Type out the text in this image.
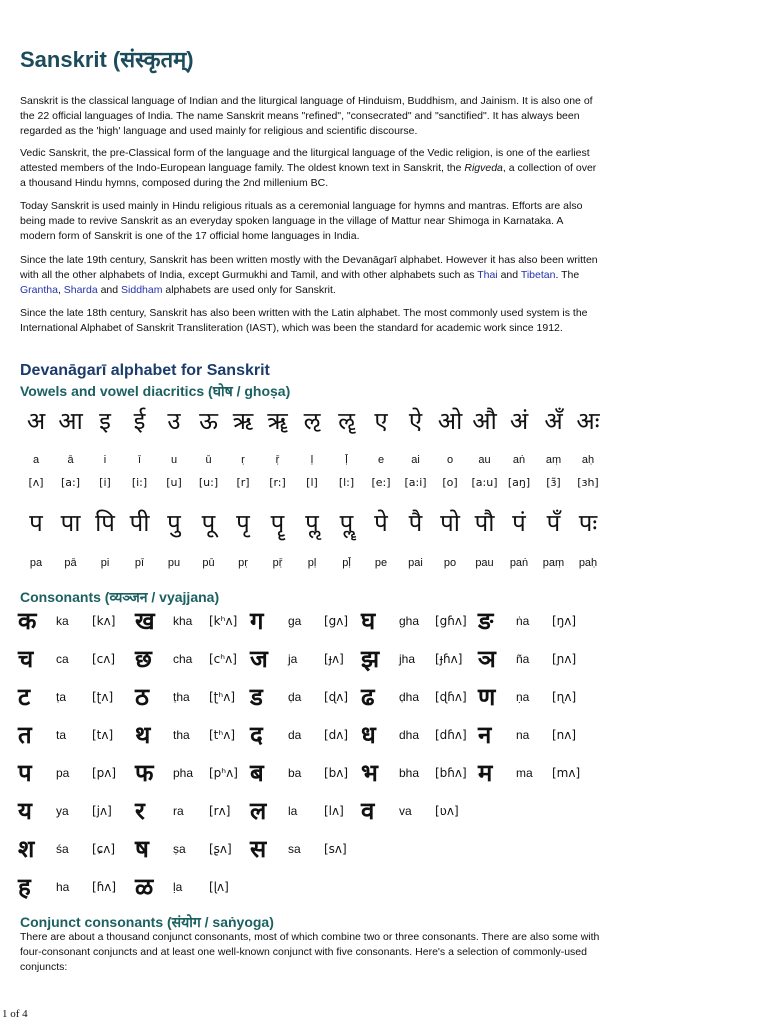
Sanskrit (संस्कृतम्)

Sanskrit is the classical language of Indian and the liturgical language of Hinduism, Buddhism, and Jainism. It is also one of the 22 official languages of India. The name Sanskrit means "refined", "consecrated" and "sanctified". It has always been regarded as the 'high' language and used mainly for religious and scientific discourse.

Vedic Sanskrit, the pre-Classical form of the language and the liturgical language of the Vedic religion, is one of the earliest attested members of the Indo-European language family. The oldest known text in Sanskrit, the Rigveda, a collection of over a thousand Hindu hymns, composed during the 2nd millenium BC.

Today Sanskrit is used mainly in Hindu religious rituals as a ceremonial language for hymns and mantras. Efforts are also being made to revive Sanskrit as an everyday spoken language in the village of Mattur near Shimoga in Karnataka. A modern form of Sanskrit is one of the 17 official home languages in India.

Since the late 19th century, Sanskrit has been written mostly with the Devanāgarī alphabet. However it has also been written with all the other alphabets of India, except Gurmukhi and Tamil, and with other alphabets such as Thai and Tibetan. The Grantha, Sharda and Siddham alphabets are used only for Sanskrit.

Since the late 18th century, Sanskrit has also been written with the Latin alphabet. The most commonly used system is the International Alphabet of Sanskrit Transliteration (IAST), which was been the standard for academic work since 1912.

Devanāgarī alphabet for Sanskrit
Vowels and vowel diacritics (घोष / ghoṣa)
अ आ इ ई उ ऊ ऋ ॠ ऌ ॡ ए ऐ ओ औ अं अँ अः
a	ā	i	ī	u	ū	ṛ	ṝ	ḷ	ḹ	e	ai	o	au	aṅ	aṃ	aḥ
[ʌ]	[a:]	[i]	[i:]	[u]	[u:]	[r]	[r:]	[l]	[l:]	[e:]	[a:i]	[o]	[a:u] [aŋ]	[ɜ̃]	[ɜh]
प पा पि पी पु पू पृ पॄ पॢ पॣ पे पै पो पौ पं पँ पः
pa	pā	pi	pī	pu	pū	pṛ	pṝ	pḷ	pḹ	pe	pai	po	pau	paṅ	paṃ	paḥ
Consonants (व्यञ्जन / vyajjana)
क ka [kʌ] ख kha [kʰʌ] ग ga [gʌ] घ gha [gɦʌ] ङ ṅa [ŋʌ]
च ca [cʌ] छ cha [cʰʌ] ज ja [ɟʌ] झ jha [ɟɦʌ] ञ ña [ɲʌ]
ट ṭa [ʈʌ] ठ ṭha [ʈʰʌ] ड ḍa [ɖʌ] ढ ḍha [ɖɦʌ] ण ṇa [ɳʌ]
त ta [tʌ] थ tha [tʰʌ] द da [dʌ] ध dha [dɦʌ] न na [nʌ]
प pa [pʌ] फ pha [pʰʌ] ब ba [bʌ] भ bha [bɦʌ] म ma [mʌ]
य ya [jʌ] र ra [rʌ] ल la [lʌ] व va [ʋʌ]
श śa [ɕʌ] ष ṣa [ʂʌ] स sa [sʌ]
ह ha [ɦʌ] ळ ḷa [ɭʌ]
Conjunct consonants (संयोग / saṅyoga)

There are about a thousand conjunct consonants, most of which combine two or three consonants. There are also some with four-consonant conjuncts and at least one well-known conjunct with five consonants. Here's a selection of commonly-used conjuncts:

1 of 4
